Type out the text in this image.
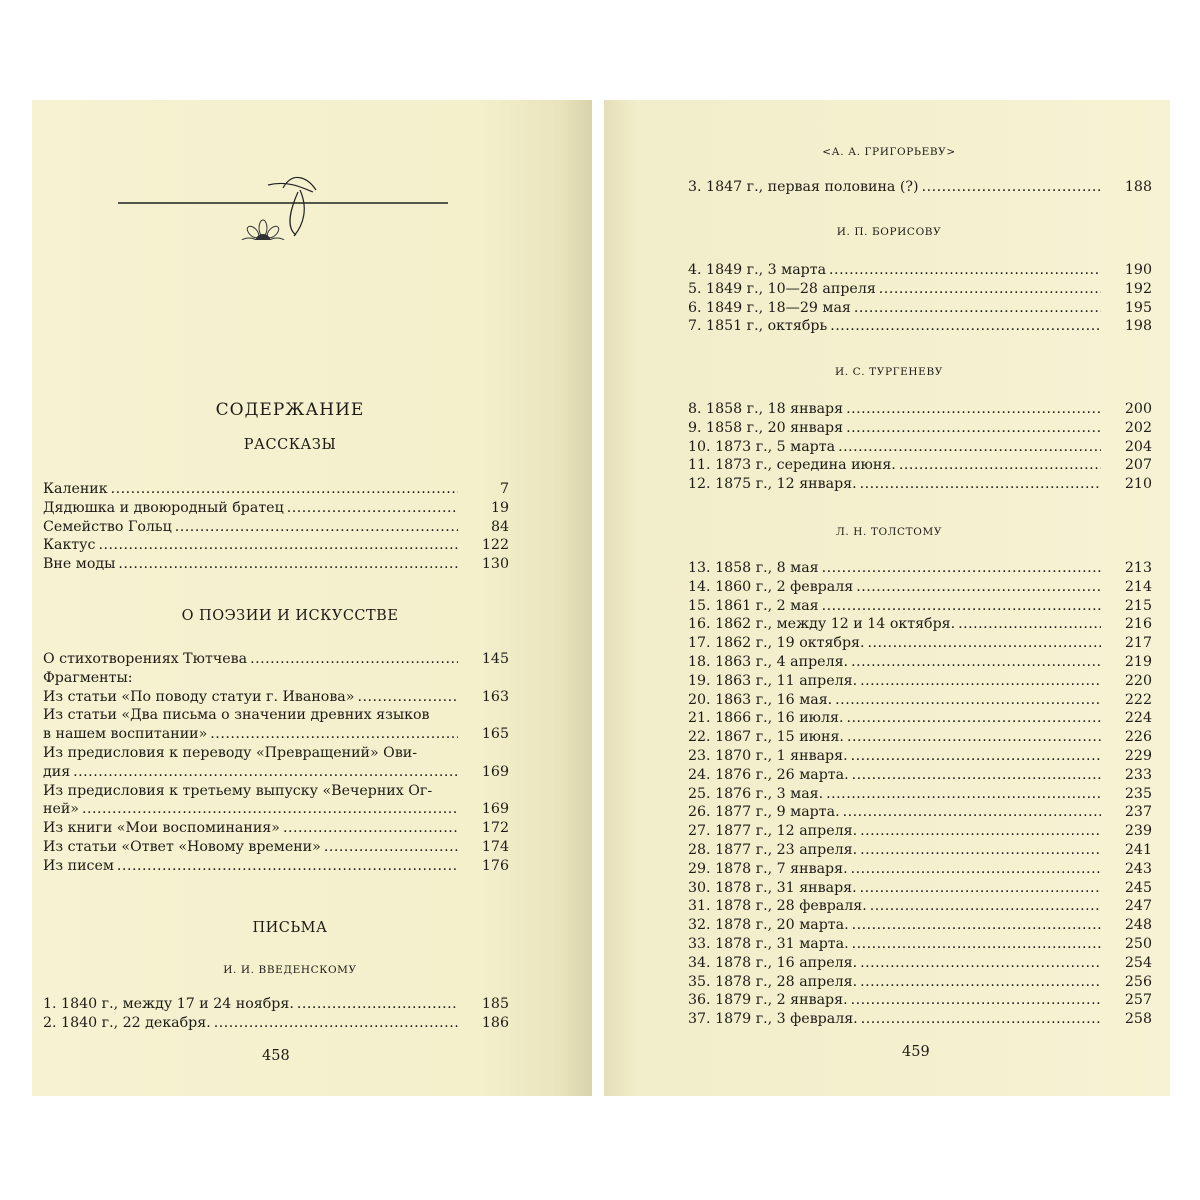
СОДЕРЖАНИЕ
РАССКАЗЫ
Каленик .....	7
Дядюшка и двоюродный братец .....	19
Семейство Гольц .....	84
Кактус .....	122
Вне моды .....	130
О ПОЭЗИИ И ИСКУССТВЕ
О стихотворениях Тютчева .....	145
Фрагменты:
Из статьи «По поводу статуи г. Иванова» .....	163
Из статьи «Два письма о значении древних языков
в нашем воспитании» .....	165
Из предисловия к переводу «Превращений» Ови-
дия .....	169
Из предисловия к третьему выпуску «Вечерних Ог-
ней» .....	169
Из книги «Мои воспоминания» .....	172
Из статьи «Ответ «Новому времени» .....	174
Из писем .....	176
ПИСЬМА
И. И. ВВЕДЕНСКОМУ
1. 1840 г., между 17 и 24 ноября. .....	185
2. 1840 г., 22 декабря. .....	186
458
<А. А. ГРИГОРЬЕВУ>
3. 1847 г., первая половина (?) .....	188
И. П. БОРИСОВУ
4. 1849 г., 3 марта .....	190
5. 1849 г., 10—28 апреля .....	192
6. 1849 г., 18—29 мая .....	195
7. 1851 г., октябрь .....	198
И. С. ТУРГЕНЕВУ
8. 1858 г., 18 января .....	200
9. 1858 г., 20 января .....	202
10. 1873 г., 5 марта .....	204
11. 1873 г., середина июня. .....	207
12. 1875 г., 12 января. .....	210
Л. Н. ТОЛСТОМУ
13. 1858 г., 8 мая .....	213
14. 1860 г., 2 февраля .....	214
15. 1861 г., 2 мая .....	215
16. 1862 г., между 12 и 14 октября. .....	216
17. 1862 г., 19 октября. .....	217
18. 1863 г., 4 апреля. .....	219
19. 1863 г., 11 апреля. .....	220
20. 1863 г., 16 мая. .....	222
21. 1866 г., 16 июля. .....	224
22. 1867 г., 15 июня. .....	226
23. 1870 г., 1 января. .....	229
24. 1876 г., 26 марта. .....	233
25. 1876 г., 3 мая. .....	235
26. 1877 г., 9 марта. .....	237
27. 1877 г., 12 апреля. .....	239
28. 1877 г., 23 апреля. .....	241
29. 1878 г., 7 января. .....	243
30. 1878 г., 31 января. .....	245
31. 1878 г., 28 февраля. .....	247
32. 1878 г., 20 марта. .....	248
33. 1878 г., 31 марта. .....	250
34. 1878 г., 16 апреля. .....	254
35. 1878 г., 28 апреля. .....	256
36. 1879 г., 2 января. .....	257
37. 1879 г., 3 февраля. .....	258
459
